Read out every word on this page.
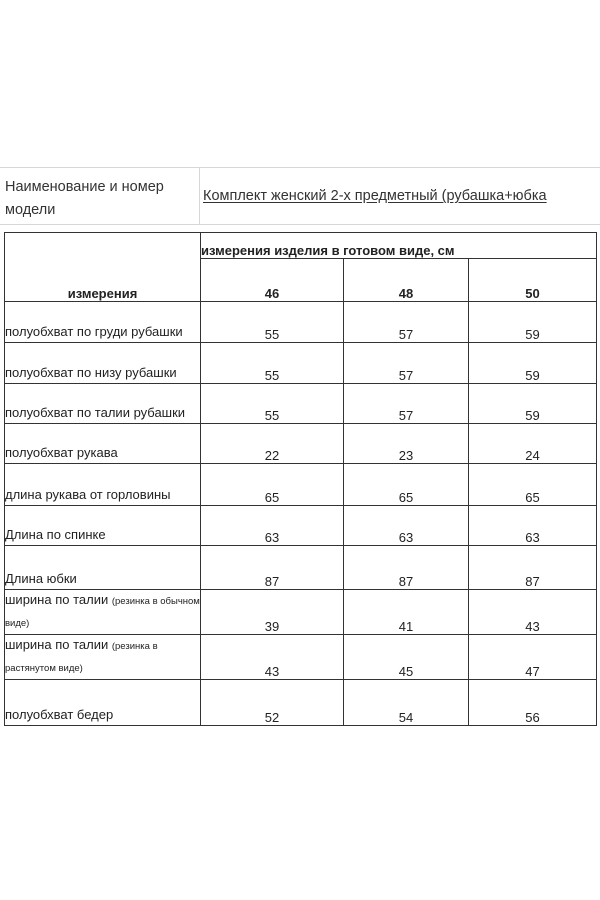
Наименование и номер модели
Комплект женский 2-х предметный (рубашка+юбка
измерения	измерения изделия в готовом виде, см		
	46	48	50
полуобхват по груди рубашки	55	57	59
полуобхват по низу рубашки	55	57	59
полуобхват по талии рубашки	55	57	59
полуобхват рукава	22	23	24
длина рукава от горловины	65	65	65
Длина по спинке	63	63	63
Длина юбки	87	87	87
ширина по талии (резинка в обычном виде)	39	41	43
ширина по талии (резинка в растянутом виде)	43	45	47
полуобхват бедер	52	54	56
